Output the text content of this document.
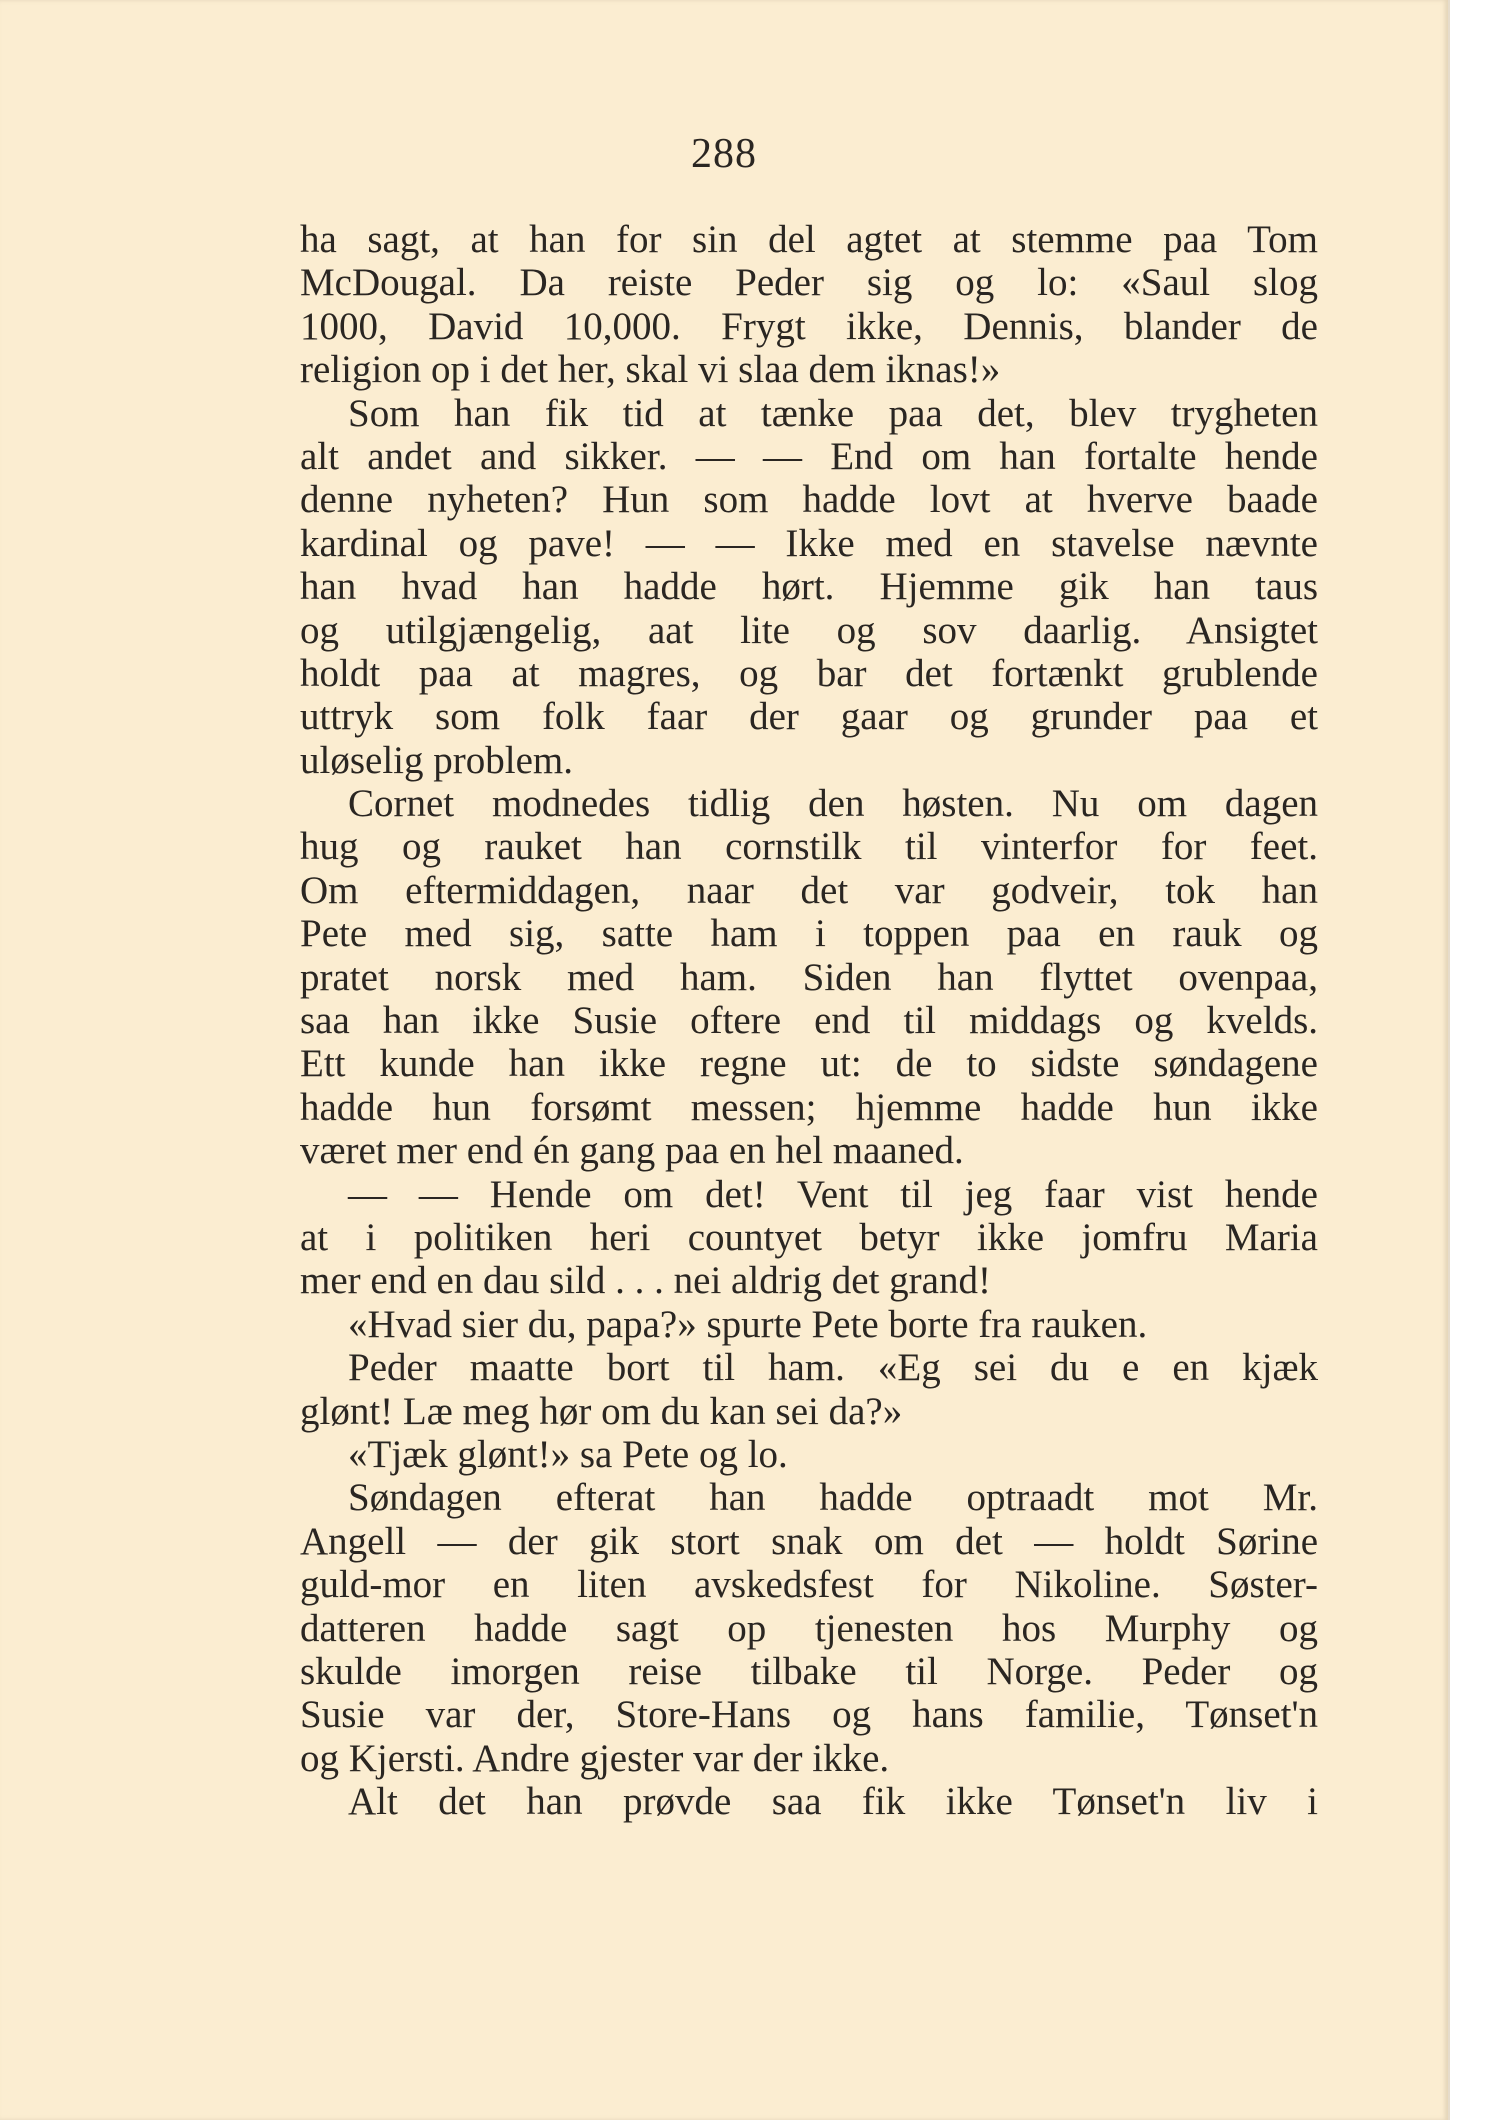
288
ha sagt, at han for sin del agtet at stemme paa Tom
McDougal. Da reiste Peder sig og lo: «Saul slog
1000, David 10,000. Frygt ikke, Dennis, blander de
religion op i det her, skal vi slaa dem iknas!»
Som han fik tid at tænke paa det, blev trygheten
alt andet and sikker. — — End om han fortalte hende
denne nyheten? Hun som hadde lovt at hverve baade
kardinal og pave! — — Ikke med en stavelse nævnte
han hvad han hadde hørt. Hjemme gik han taus
og utilgjængelig, aat lite og sov daarlig. Ansigtet
holdt paa at magres, og bar det fortænkt grublende
uttryk som folk faar der gaar og grunder paa et
uløselig problem.
Cornet modnedes tidlig den høsten. Nu om dagen
hug og rauket han cornstilk til vinterfor for feet.
Om eftermiddagen, naar det var godveir, tok han
Pete med sig, satte ham i toppen paa en rauk og
pratet norsk med ham. Siden han flyttet ovenpaa,
saa han ikke Susie oftere end til middags og kvelds.
Ett kunde han ikke regne ut: de to sidste søndagene
hadde hun forsømt messen; hjemme hadde hun ikke
været mer end én gang paa en hel maaned.
— — Hende om det! Vent til jeg faar vist hende
at i politiken heri countyet betyr ikke jomfru Maria
mer end en dau sild . . . nei aldrig det grand!
«Hvad sier du, papa?» spurte Pete borte fra rauken.
Peder maatte bort til ham. «Eg sei du e en kjæk
glønt! Læ meg hør om du kan sei da?»
«Tjæk glønt!» sa Pete og lo.
Søndagen efterat han hadde optraadt mot Mr.
Angell — der gik stort snak om det — holdt Sørine
guld-mor en liten avskedsfest for Nikoline. Søster-
datteren hadde sagt op tjenesten hos Murphy og
skulde imorgen reise tilbake til Norge. Peder og
Susie var der, Store-Hans og hans familie, Tønset'n
og Kjersti. Andre gjester var der ikke.
Alt det han prøvde saa fik ikke Tønset'n liv i
